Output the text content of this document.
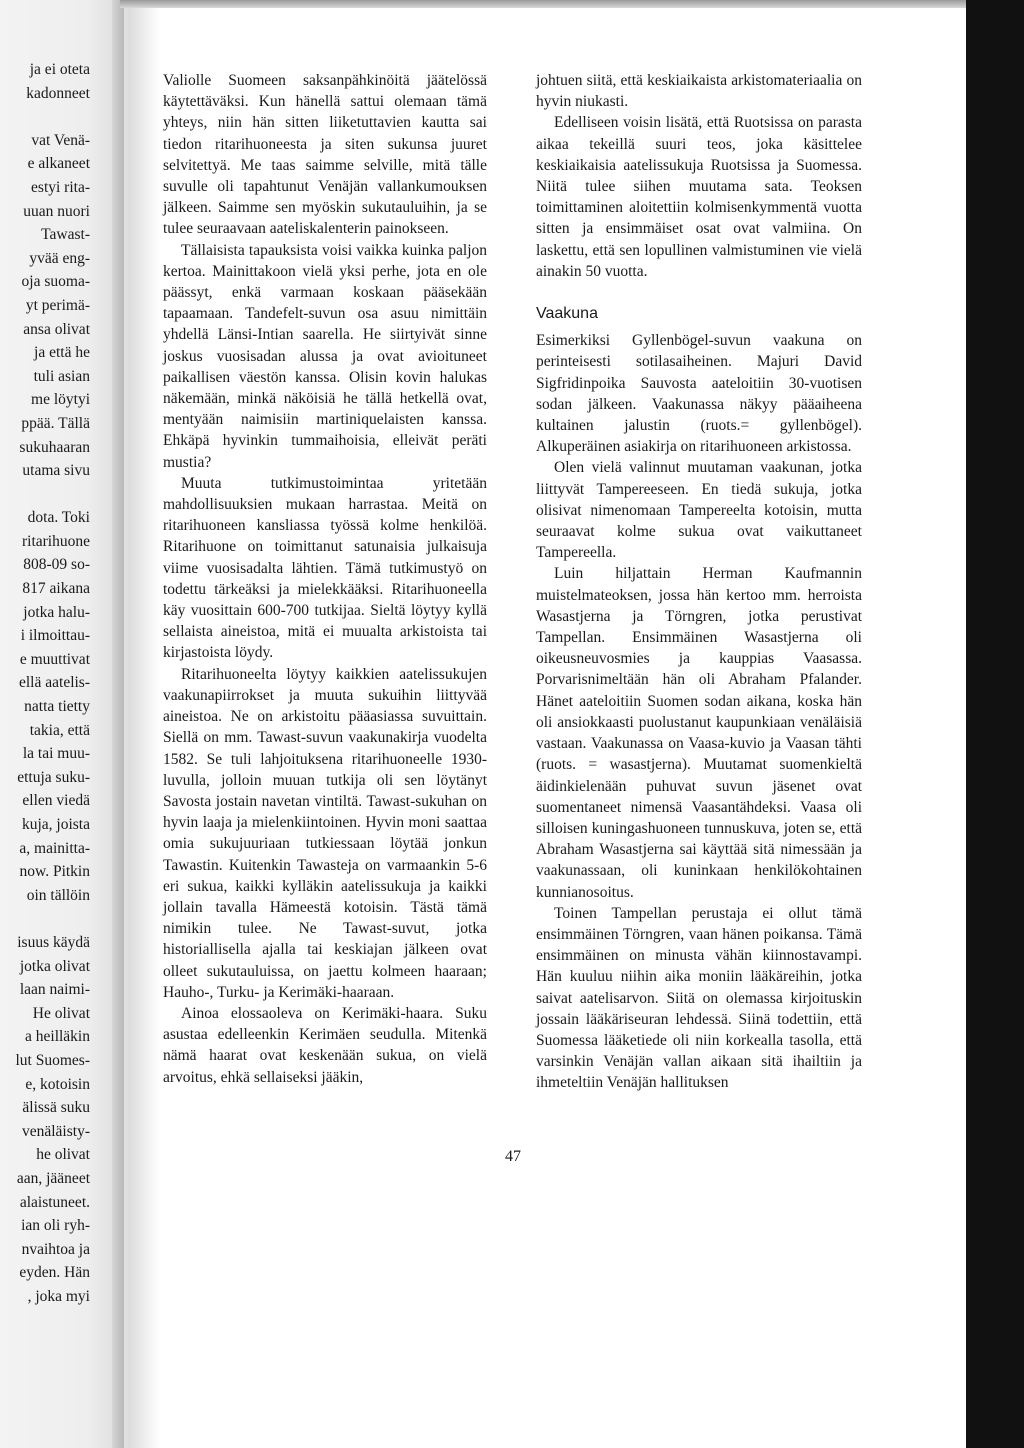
ja ei oteta
kadonneet

vat Venä-
e alkaneet
estyi rita-
uuan nuori
Tawast-
yvää eng-
oja suoma-
yt perimä-
ansa olivat
ja että he
tuli asian
me löytyi
ppää. Tällä
sukuhaaran
utama sivu

dota. Toki
ritarihuone
808-09 so-
817 aikana
jotka halu-
i ilmoittau-
e muuttivat
ellä aatelis-
natta tietty
takia, että
la tai muu-
ettuja suku-
ellen viedä
kuja, joista
a, mainitta-
now. Pitkin
oin tällöin

isuus käydä
jotka olivat
laan naimi-
He olivat
a heilläkin
lut Suomes-
e, kotoisin
älissä suku
venäläisty-
he olivat
aan, jääneet
alaistuneet.
ian oli ryh-
nvaihtoa ja
eyden. Hän
, joka myi

Valiolle Suomeen saksanpähkinöitä jäätelössä käytettäväksi. Kun hänellä sattui olemaan tämä yhteys, niin hän sitten liiketuttavien kautta sai tiedon ritarihuoneesta ja siten sukunsa juuret selvitettyä. Me taas saimme selville, mitä tälle suvulle oli tapahtunut Venäjän vallankumouksen jälkeen. Saimme sen myöskin sukutauluihin, ja se tulee seuraavaan aateliskalenterin painokseen.

Tällaisista tapauksista voisi vaikka kuinka paljon kertoa. Mainittakoon vielä yksi perhe, jota en ole päässyt, enkä varmaan koskaan pääsekään tapaamaan. Tandefelt-suvun osa asuu nimittäin yhdellä Länsi-Intian saarella. He siirtyivät sinne joskus vuosisadan alussa ja ovat avioituneet paikallisen väestön kanssa. Olisin kovin halukas näkemään, minkä näköisiä he tällä hetkellä ovat, mentyään naimisiin martiniquelaisten kanssa. Ehkäpä hyvinkin tummaihoisia, elleivät peräti mustia?

Muuta tutkimustoimintaa yritetään mahdollisuuksien mukaan harrastaa. Meitä on ritarihuoneen kansliassa työssä kolme henkilöä. Ritarihuone on toimittanut satunaisia julkaisuja viime vuosisadalta lähtien. Tämä tutkimustyö on todettu tärkeäksi ja mielekkääksi. Ritarihuoneella käy vuosittain 600-700 tutkijaa. Sieltä löytyy kyllä sellaista aineistoa, mitä ei muualta arkistoista tai kirjastoista löydy.

Ritarihuoneelta löytyy kaikkien aatelissukujen vaakunapiirrokset ja muuta sukuihin liittyvää aineistoa. Ne on arkistoitu pääasiassa suvuittain. Siellä on mm. Tawast-suvun vaakunakirja vuodelta 1582. Se tuli lahjoituksena ritarihuoneelle 1930-luvulla, jolloin muuan tutkija oli sen löytänyt Savosta jostain navetan vintiltä. Tawast-sukuhan on hyvin laaja ja mielenkiintoinen. Hyvin moni saattaa omia sukujuuriaan tutkiessaan löytää jonkun Tawastin. Kuitenkin Tawasteja on varmaankin 5-6 eri sukua, kaikki kylläkin aatelissukuja ja kaikki jollain tavalla Hämeestä kotoisin. Tästä tämä nimikin tulee. Ne Tawast-suvut, jotka historiallisella ajalla tai keskiajan jälkeen ovat olleet sukutauluissa, on jaettu kolmeen haaraan; Hauho-, Turku- ja Kerimäki-haaraan.

Ainoa elossaoleva on Kerimäki-haara. Suku asustaa edelleenkin Kerimäen seudulla. Mitenkä nämä haarat ovat keskenään sukua, on vielä arvoitus, ehkä sellaiseksi jääkin,

johtuen siitä, että keskiaikaista arkistomateriaalia on hyvin niukasti.

Edelliseen voisin lisätä, että Ruotsissa on parasta aikaa tekeillä suuri teos, joka käsittelee keskiaikaisia aatelissukuja Ruotsissa ja Suomessa. Niitä tulee siihen muutama sata. Teoksen toimittaminen aloitettiin kolmisenkymmentä vuotta sitten ja ensimmäiset osat ovat valmiina. On laskettu, että sen lopullinen valmistuminen vie vielä ainakin 50 vuotta.

Vaakuna

Esimerkiksi Gyllenbögel-suvun vaakuna on perinteisesti sotilasaiheinen. Majuri David Sigfridinpoika Sauvosta aateloitiin 30-vuotisen sodan jälkeen. Vaakunassa näkyy pääaiheena kultainen jalustin (ruots.= gyllenbögel). Alkuperäinen asiakirja on ritarihuoneen arkistossa.

Olen vielä valinnut muutaman vaakunan, jotka liittyvät Tampereeseen. En tiedä sukuja, jotka olisivat nimenomaan Tampereelta kotoisin, mutta seuraavat kolme sukua ovat vaikuttaneet Tampereella.

Luin hiljattain Herman Kaufmannin muistelmateoksen, jossa hän kertoo mm. herroista Wasastjerna ja Törngren, jotka perustivat Tampellan. Ensimmäinen Wasastjerna oli oikeusneuvosmies ja kauppias Vaasassa. Porvarisnimeltään hän oli Abraham Pfalander. Hänet aateloitiin Suomen sodan aikana, koska hän oli ansiokkaasti puolustanut kaupunkiaan venäläisiä vastaan. Vaakunassa on Vaasa-kuvio ja Vaasan tähti (ruots. = wasastjerna). Muutamat suomenkieltä äidinkielenään puhuvat suvun jäsenet ovat suomentaneet nimensä Vaasantähdeksi. Vaasa oli silloisen kuningashuoneen tunnuskuva, joten se, että Abraham Wasastjerna sai käyttää sitä nimessään ja vaakunassaan, oli kuninkaan henkilökohtainen kunnianosoitus.

Toinen Tampellan perustaja ei ollut tämä ensimmäinen Törngren, vaan hänen poikansa. Tämä ensimmäinen on minusta vähän kiinnostavampi. Hän kuuluu niihin aika moniin lääkäreihin, jotka saivat aatelisarvon. Siitä on olemassa kirjoituskin jossain lääkäriseuran lehdessä. Siinä todettiin, että Suomessa lääketiede oli niin korkealla tasolla, että varsinkin Venäjän vallan aikaan sitä ihailtiin ja ihmeteltiin Venäjän hallituksen

47
